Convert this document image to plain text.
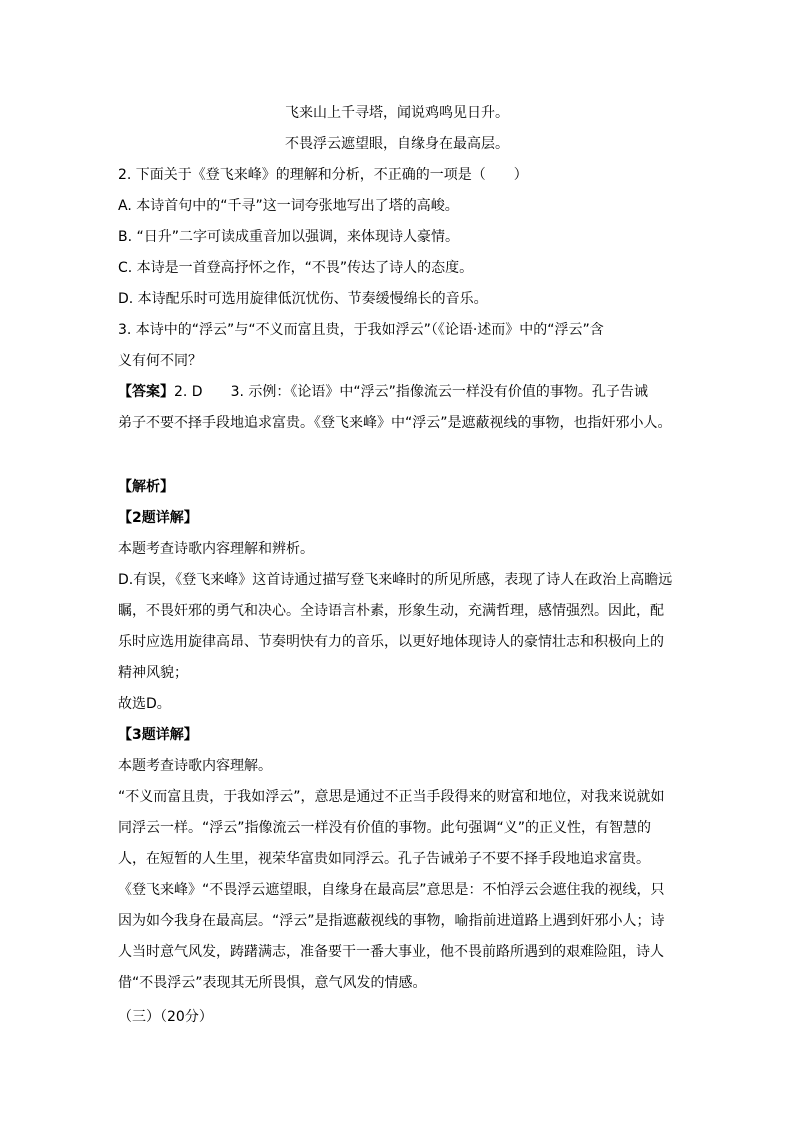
飞来山上千寻塔，闻说鸡鸣见日升。
不畏浮云遮望眼，自缘身在最高层。
2. 下面关于《登飞来峰》的理解和分析，不正确的一项是（　　）
A. 本诗首句中的“千寻”这一词夸张地写出了塔的高峻。
B. “日升”二字可读成重音加以强调，来体现诗人豪情。
C. 本诗是一首登高抒怀之作，“不畏”传达了诗人的态度。
D. 本诗配乐时可选用旋律低沉忧伤、节奏缓慢绵长的音乐。
3. 本诗中的“浮云”与“不义而富且贵，于我如浮云”（《论语·述而》中的“浮云”含
义有何不同？
【答案】2. D　　3. 示例：《论语》中“浮云”指像流云一样没有价值的事物。孔子告诫
弟子不要不择手段地追求富贵。《登飞来峰》中“浮云”是遮蔽视线的事物，也指奸邪小人。
【解析】
【2题详解】
本题考查诗歌内容理解和辨析。
D.有误，《登飞来峰》这首诗通过描写登飞来峰时的所见所感，表现了诗人在政治上高瞻远
瞩，不畏奸邪的勇气和决心。全诗语言朴素，形象生动，充满哲理，感情强烈。因此，配
乐时应选用旋律高昂、节奏明快有力的音乐，以更好地体现诗人的豪情壮志和积极向上的
精神风貌；
故选D。
【3题详解】
本题考查诗歌内容理解。
“不义而富且贵，于我如浮云”，意思是通过不正当手段得来的财富和地位，对我来说就如
同浮云一样。“浮云”指像流云一样没有价值的事物。此句强调“义”的正义性，有智慧的
人，在短暂的人生里，视荣华富贵如同浮云。孔子告诫弟子不要不择手段地追求富贵。
《登飞来峰》“不畏浮云遮望眼，自缘身在最高层”意思是：不怕浮云会遮住我的视线，只
因为如今我身在最高层。“浮云”是指遮蔽视线的事物，喻指前进道路上遇到奸邪小人；诗
人当时意气风发，踌躇满志，准备要干一番大事业，他不畏前路所遇到的艰难险阻，诗人
借“不畏浮云”表现其无所畏惧，意气风发的情感。
（三）（20分）
